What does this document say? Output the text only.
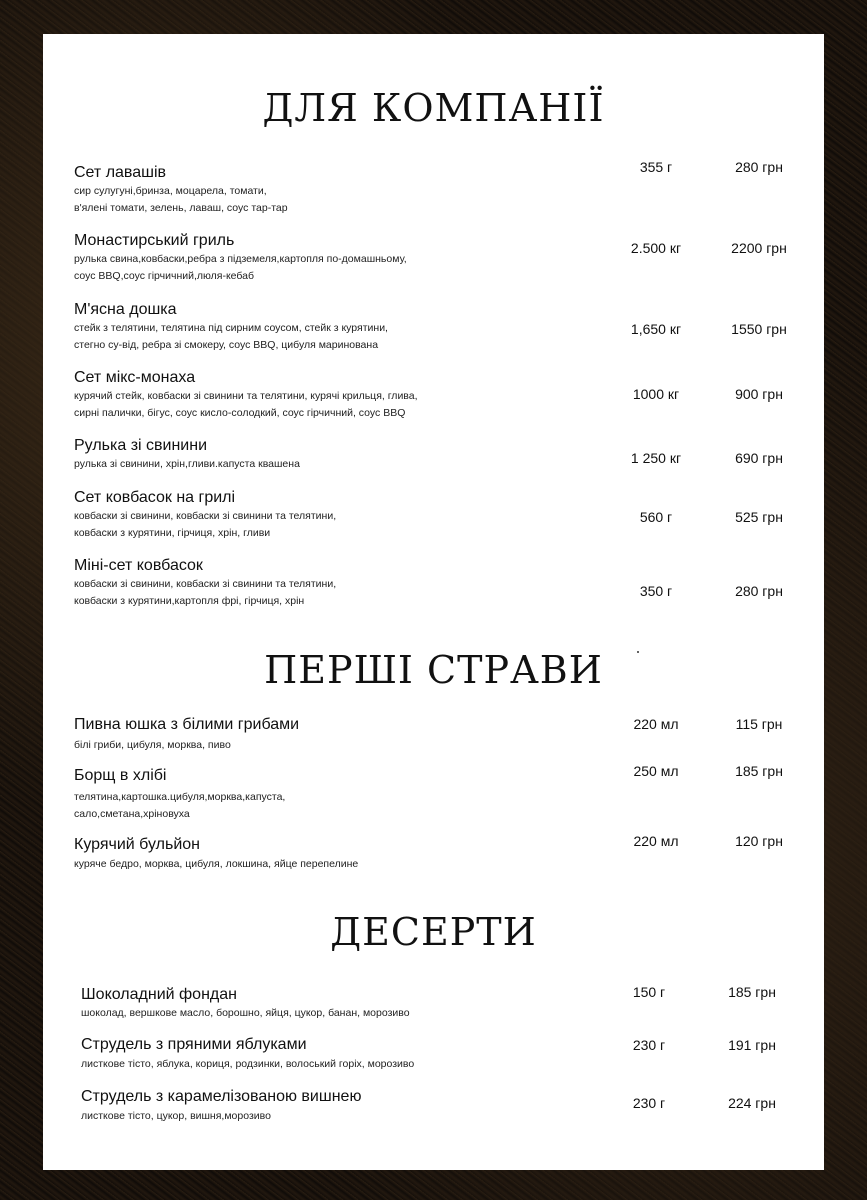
ДЛЯ КОМПАНІЇ
Сет лавашів
сир сулугуні,бринза, моцарела, томати,
в'ялені томати, зелень, лаваш, соус тар-тар
355 г	280 грн
Монастирський гриль
рулька свина,ковбаски,ребра з підземеля,картопля по-домашньому,
соус BBQ,соус гірчичний,люля-кебаб
2.500 кг	2200 грн
М'ясна дошка
стейк з телятини, телятина під сирним соусом, стейк з курятини,
стегно су-від, ребра зі смокеру, соус BBQ, цибуля маринована
1,650 кг	1550 грн
Сет мікс-монаха
курячий стейк, ковбаски зі свинини та телятини, курячі крильця, глива,
сирні палички, бігус, соус кисло-солодкий, соус гірчичний, соус BBQ
1000 кг	900 грн
Рулька зі свинини
рулька зі свинини, хрін,гливи.капуста квашена	1 250 кг	690 грн
Сет ковбасок на грилі
ковбаски зі свинини, ковбаски зі свинини та телятини,
ковбаски з курятини, гірчиця, хрін, гливи
560 г	525 грн
Міні-сет ковбасок
ковбаски зі свинини, ковбаски зі свинини та телятини,
ковбаски з курятини,картопля фрі, гірчиця, хрін
350 г	280 грн
ПЕРШІ СТРАВИ
Пивна юшка з білими грибами
білі гриби, цибуля, морква, пиво
220 мл	115 грн
Борщ в хлібі
телятина,картошка.цибуля,морква,капуста,
сало,сметана,хріновуха
250 мл	185 грн
Курячий бульйон
куряче бедро, морква, цибуля, локшина, яйце перепелине
220 мл	120 грн
ДЕСЕРТИ
Шоколадний фондан
шоколад, вершкове масло, борошно, яйця, цукор, банан, морозиво
150 г	185 грн
Струдель з пряними яблуками
листкове тісто, яблука, кориця, родзинки, волоський горіх, морозиво
230 г	191 грн
Струдель з карамелізованою вишнею
листкове тісто, цукор, вишня,морозиво
230 г	224 грн
